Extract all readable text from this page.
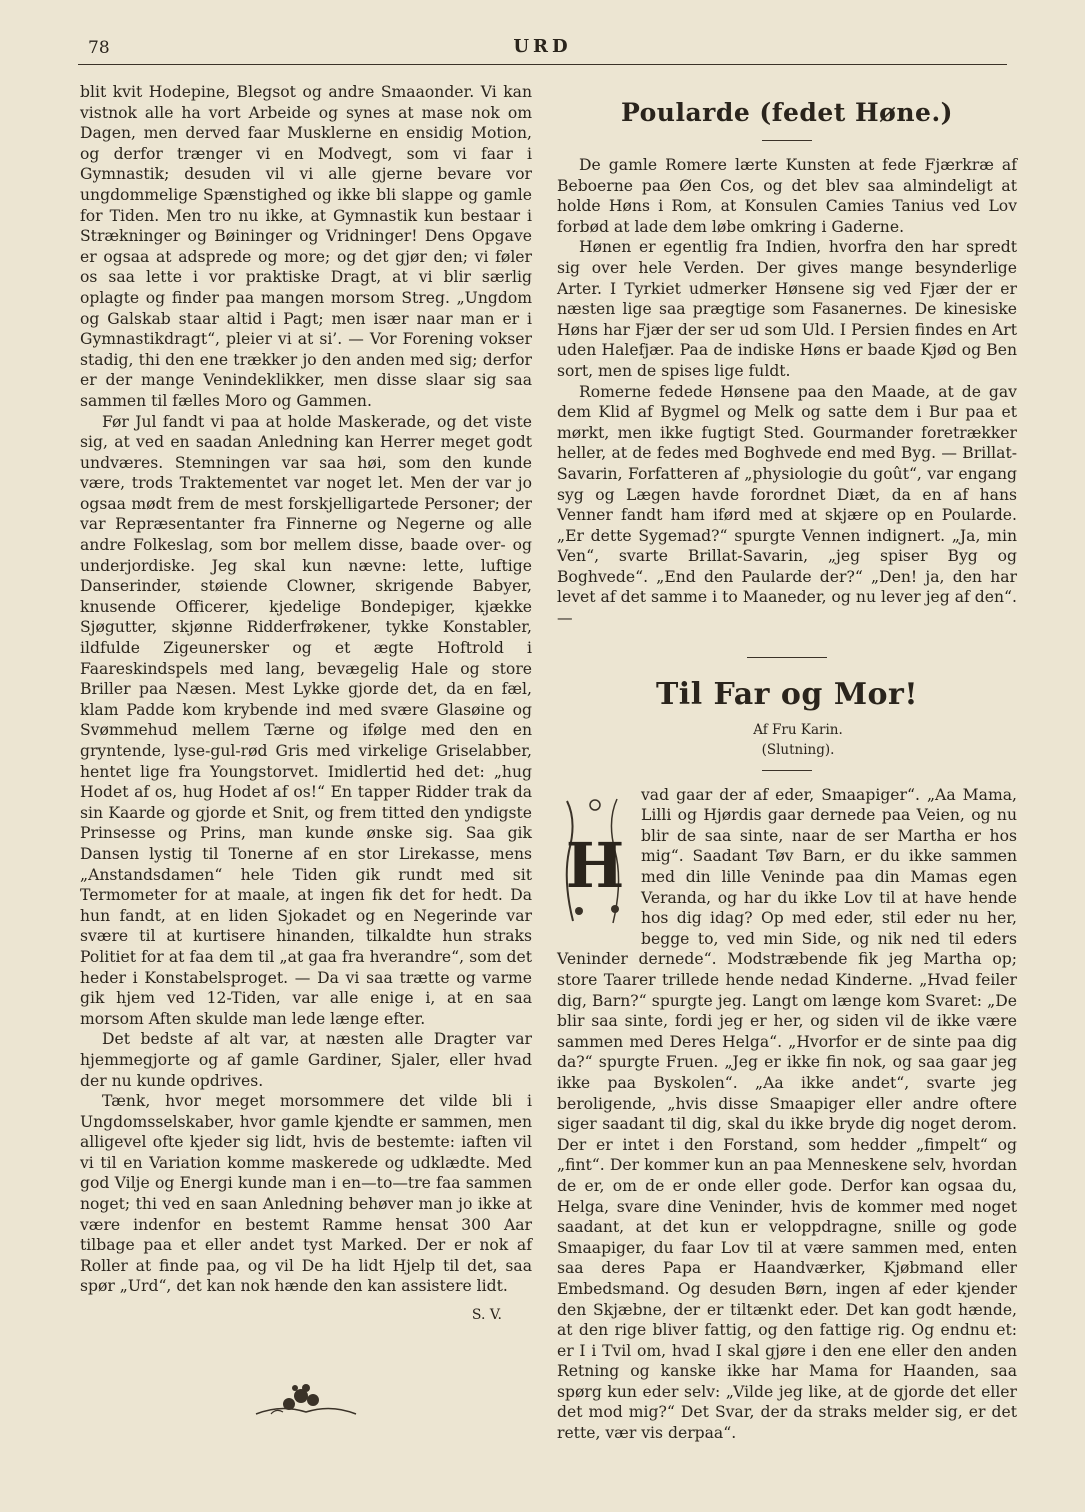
78	URD

blit kvit Hodepine, Blegsot og andre Smaaonder. Vi kan vistnok alle ha vort Arbeide og synes at mase nok om Dagen, men derved faar Musklerne en ensidig Motion, og derfor trænger vi en Modvegt, som vi faar i Gymnastik; desuden vil vi alle gjerne bevare vor ungdommelige Spænstighed og ikke bli slappe og gamle for Tiden. Men tro nu ikke, at Gymnastik kun bestaar i Strækninger og Bøininger og Vridninger! Dens Opgave er ogsaa at adsprede og more; og det gjør den; vi føler os saa lette i vor praktiske Dragt, at vi blir særlig oplagte og finder paa mangen morsom Streg. „Ungdom og Galskab staar altid i Pagt; men især naar man er i Gymnastikdragt“, pleier vi at si’. — Vor Forening vokser stadig, thi den ene trækker jo den anden med sig; derfor er der mange Venindeklikker, men disse slaar sig saa sammen til fælles Moro og Gammen.

Før Jul fandt vi paa at holde Maskerade, og det viste sig, at ved en saadan Anledning kan Herrer meget godt undværes. Stemningen var saa høi, som den kunde være, trods Traktementet var noget let. Men der var jo ogsaa mødt frem de mest forskjelligartede Personer; der var Repræsentanter fra Finnerne og Negerne og alle andre Folkeslag, som bor mellem disse, baade over- og underjordiske. Jeg skal kun nævne: lette, luftige Danserinder, støiende Clowner, skrigende Babyer, knusende Officerer, kjedelige Bondepiger, kjække Sjøgutter, skjønne Ridderfrøkener, tykke Konstabler, ildfulde Zigeunersker og et ægte Hoftrold i Faareskindspels med lang, bevægelig Hale og store Briller paa Næsen. Mest Lykke gjorde det, da en fæl, klam Padde kom krybende ind med svære Glasøine og Svømmehud mellem Tærne og ifølge med den en gryntende, lyse-gul-rød Gris med virkelige Griselabber, hentet lige fra Youngstorvet. Imidlertid hed det: „hug Hodet af os, hug Hodet af os!“ En tapper Ridder trak da sin Kaarde og gjorde et Snit, og frem titted den yndigste Prinsesse og Prins, man kunde ønske sig. Saa gik Dansen lystig til Tonerne af en stor Lirekasse, mens „Anstandsdamen“ hele Tiden gik rundt med sit Termometer for at maale, at ingen fik det for hedt. Da hun fandt, at en liden Sjokadet og en Negerinde var svære til at kurtisere hinanden, tilkaldte hun straks Politiet for at faa dem til „at gaa fra hverandre“, som det heder i Konstabelsproget. — Da vi saa trætte og varme gik hjem ved 12-Tiden, var alle enige i, at en saa morsom Aften skulde man lede længe efter.

Det bedste af alt var, at næsten alle Dragter var hjemmegjorte og af gamle Gardiner, Sjaler, eller hvad der nu kunde opdrives.

Tænk, hvor meget morsommere det vilde bli i Ungdomsselskaber, hvor gamle kjendte er sammen, men alligevel ofte kjeder sig lidt, hvis de bestemte: iaften vil vi til en Variation komme maskerede og udklædte. Med god Vilje og Energi kunde man i en—to—tre faa sammen noget; thi ved en saan Anledning behøver man jo ikke at være indenfor en bestemt Ramme hensat 300 Aar tilbage paa et eller andet tyst Marked. Der er nok af Roller at finde paa, og vil De ha lidt Hjelp til det, saa spør „Urd“, det kan nok hænde den kan assistere lidt.

S. V.

Poularde (fedet Høne.)

De gamle Romere lærte Kunsten at fede Fjærkræ af Beboerne paa Øen Cos, og det blev saa almindeligt at holde Høns i Rom, at Konsulen Camies Tanius ved Lov forbød at lade dem løbe omkring i Gaderne.

Hønen er egentlig fra Indien, hvorfra den har spredt sig over hele Verden. Der gives mange besynderlige Arter. I Tyrkiet udmerker Hønsene sig ved Fjær der er næsten lige saa prægtige som Fasanernes. De kinesiske Høns har Fjær der ser ud som Uld. I Persien findes en Art uden Halefjær. Paa de indiske Høns er baade Kjød og Ben sort, men de spises lige fuldt.

Romerne fedede Hønsene paa den Maade, at de gav dem Klid af Bygmel og Melk og satte dem i Bur paa et mørkt, men ikke fugtigt Sted. Gourmander foretrækker heller, at de fedes med Boghvede end med Byg. — Brillat-Savarin, Forfatteren af „physiologie du goût“, var engang syg og Lægen havde forordnet Diæt, da en af hans Venner fandt ham iførd med at skjære op en Poularde. „Er dette Sygemad?“ spurgte Vennen indignert. „Ja, min Ven“, svarte Brillat-Savarin, „jeg spiser Byg og Boghvede“. „End den Paularde der?“ „Den! ja, den har levet af det samme i to Maaneder, og nu lever jeg af den“. —

Til Far og Mor!

Af Fru Karin.

(Slutning).

H

vad gaar der af eder, Smaapiger“. „Aa Mama, Lilli og Hjørdis gaar dernede paa Veien, og nu blir de saa sinte, naar de ser Martha er hos mig“. Saadant Tøv Barn, er du ikke sammen med din lille Veninde paa din Mamas egen Veranda, og har du ikke Lov til at have hende hos dig idag? Op med eder, stil eder nu her, begge to, ved min Side, og nik ned til eders Veninder dernede“. Modstræbende fik jeg Martha op; store Taarer trillede hende nedad Kinderne. „Hvad feiler dig, Barn?“ spurgte jeg. Langt om længe kom Svaret: „De blir saa sinte, fordi jeg er her, og siden vil de ikke være sammen med Deres Helga“. „Hvorfor er de sinte paa dig da?“ spurgte Fruen. „Jeg er ikke fin nok, og saa gaar jeg ikke paa Byskolen“. „Aa ikke andet“, svarte jeg beroligende, „hvis disse Smaapiger eller andre oftere siger saadant til dig, skal du ikke bryde dig noget derom. Der er intet i den Forstand, som hedder „fimpelt“ og „fint“. Der kommer kun an paa Menneskene selv, hvordan de er, om de er onde eller gode. Derfor kan ogsaa du, Helga, svare dine Veninder, hvis de kommer med noget saadant, at det kun er veloppdragne, snille og gode Smaapiger, du faar Lov til at være sammen med, enten saa deres Papa er Haandværker, Kjøbmand eller Embedsmand. Og desuden Børn, ingen af eder kjender den Skjæbne, der er tiltænkt eder. Det kan godt hænde, at den rige bliver fattig, og den fattige rig. Og endnu et: er I i Tvil om, hvad I skal gjøre i den ene eller den anden Retning og kanske ikke har Mama for Haanden, saa spørg kun eder selv: „Vilde jeg like, at de gjorde det eller det mod mig?“ Det Svar, der da straks melder sig, er det rette, vær vis derpaa“.
